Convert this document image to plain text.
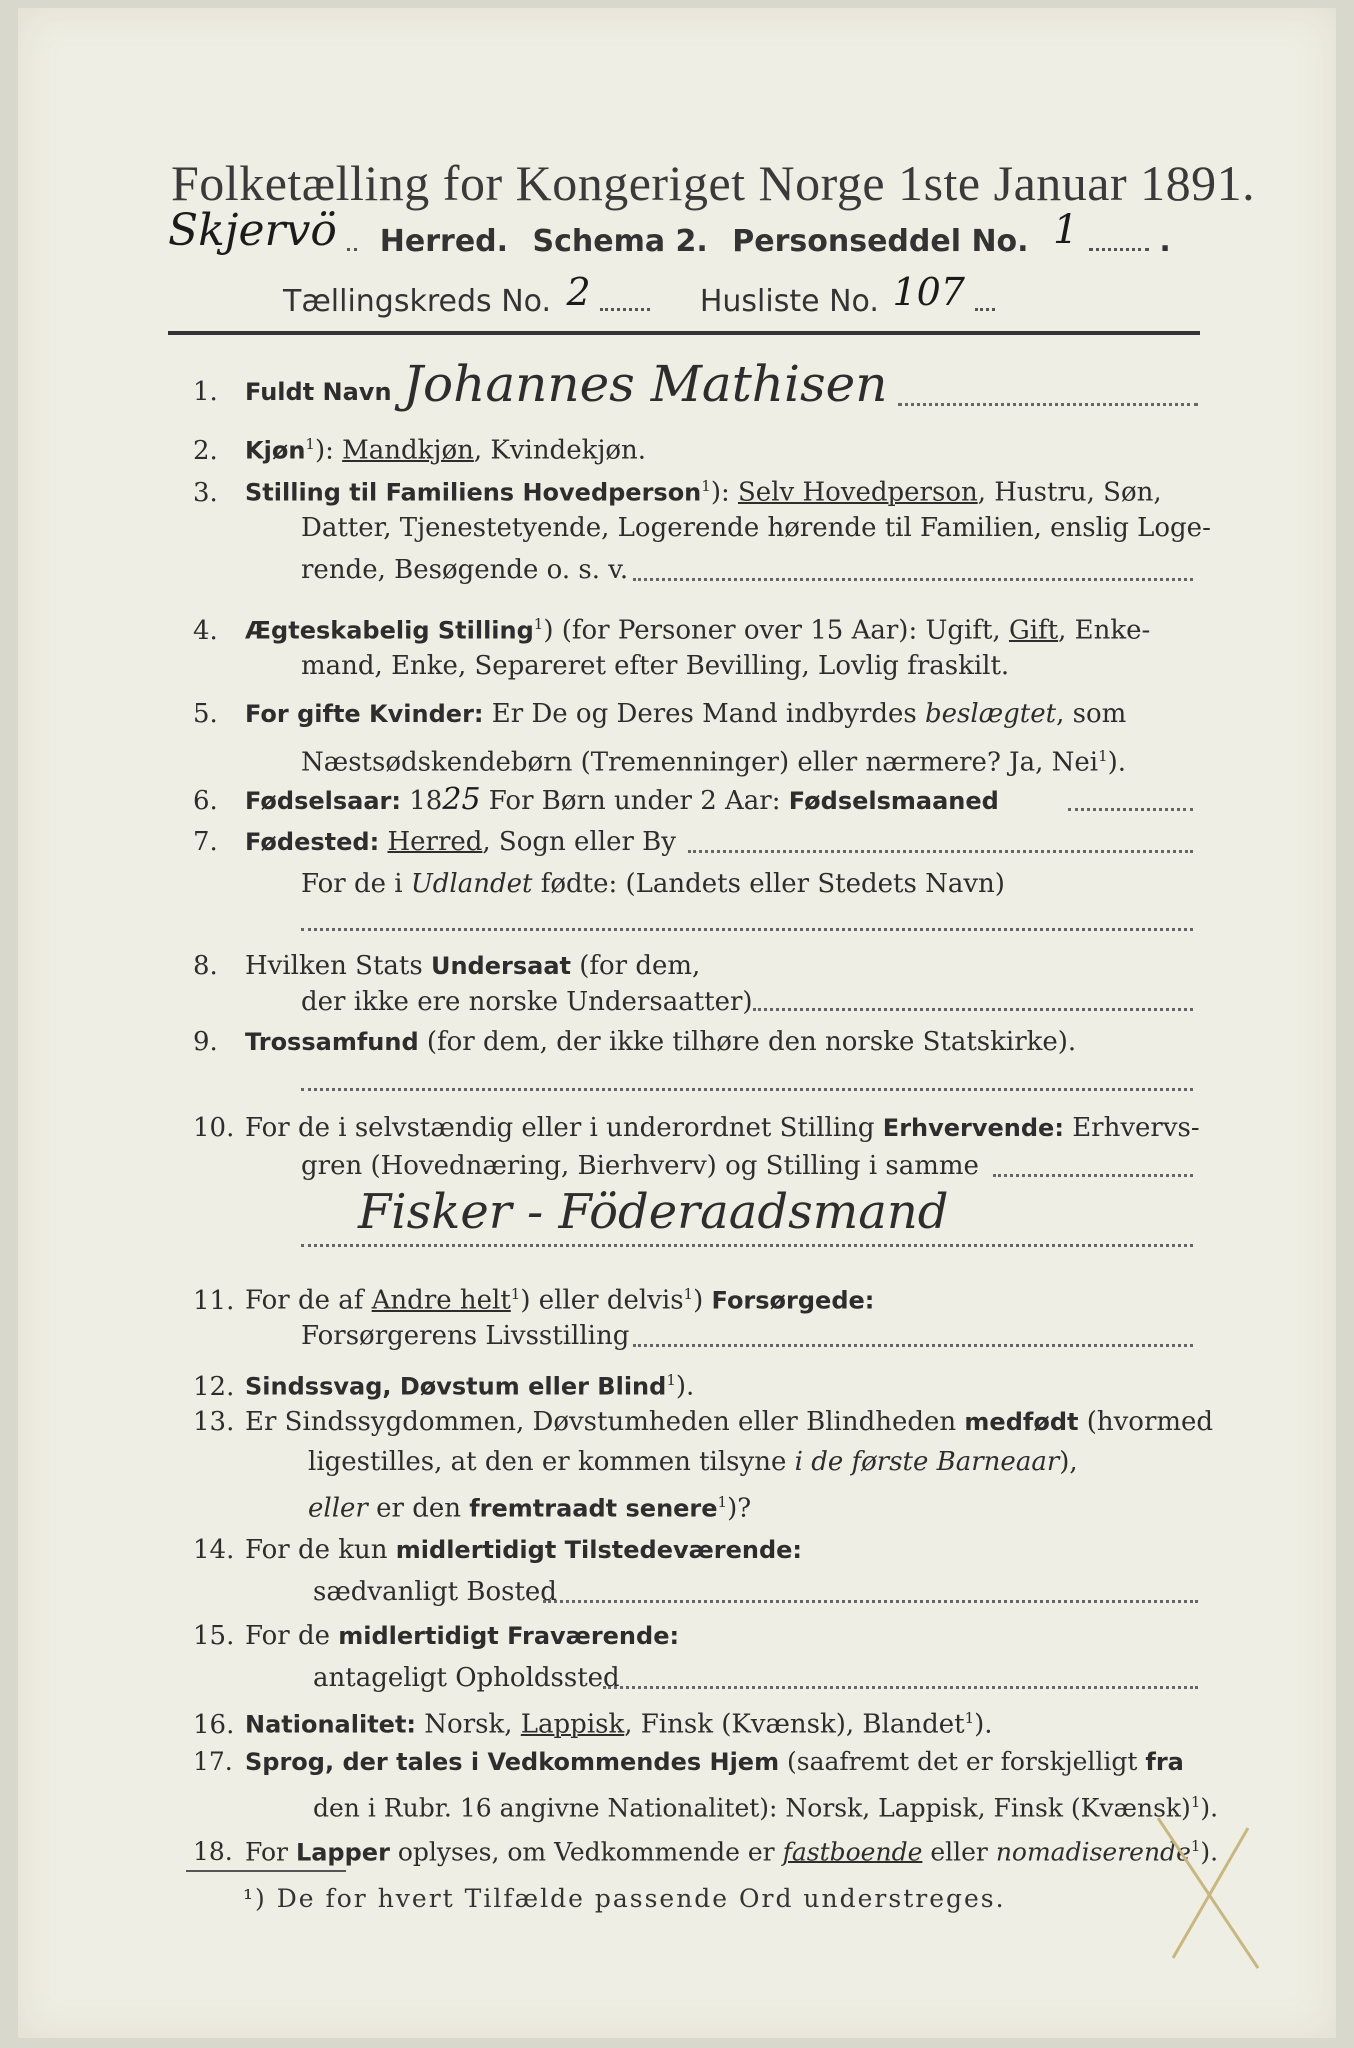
Folketælling for Kongeriget Norge 1ste Januar 1891.
Skjervö Herred. Schema 2. Personseddel No. 1	.
Tællingskreds No. 2	Husliste No. 107
1. Fuldt Navn Johannes Mathisen
2. Kjøn$^1$): Mandkjøn, Kvindekjøn.
3. Stilling til Familiens Hovedperson$^1$): Selv Hovedperson, Hustru, Søn,
Datter, Tjenestetyende, Logerende hørende til Familien, enslig Loge-
rende, Besøgende o. s. v.
4. Ægteskabelig Stilling$^1$) (for Personer over 15 Aar): Ugift, Gift, Enke-
mand, Enke, Separeret efter Bevilling, Lovlig fraskilt.
5. For gifte Kvinder: Er De og Deres Mand indbyrdes beslægtet, som
Næstsødskendebørn (Tremenninger) eller nærmere? Ja, Nei$^1$).
6. Fødselsaar: 1825 For Børn under 2 Aar: Fødselsmaaned
7. Fødested: Herred, Sogn eller By
For de i Udlandet fødte: (Landets eller Stedets Navn)
8. Hvilken Stats Undersaat (for dem,
der ikke ere norske Undersaatter)
9. Trossamfund (for dem, der ikke tilhøre den norske Statskirke).
10. For de i selvstændig eller i underordnet Stilling Erhvervende: Erhvervs-
gren (Hovednæring, Bierhverv) og Stilling i samme
Fisker - Föderaadsmand
11. For de af Andre helt$^1$) eller delvis$^1$) Forsørgede:
Forsørgerens Livsstilling
12. Sindssvag, Døvstum eller Blind$^1$).
13. Er Sindssygdommen, Døvstumheden eller Blindheden medfødt (hvormed
ligestilles, at den er kommen tilsyne i de første Barneaar),
eller er den fremtraadt senere$^1$)?
14. For de kun midlertidigt Tilstedeværende:
sædvanligt Bosted
15. For de midlertidigt Fraværende:
antageligt Opholdssted
16. Nationalitet: Norsk, Lappisk, Finsk (Kvænsk), Blandet$^1$).
17. Sprog, der tales i Vedkommendes Hjem (saafremt det er forskjelligt fra
den i Rubr. 16 angivne Nationalitet): Norsk, Lappisk, Finsk (Kvænsk)$^1$).
18. For Lapper oplyses, om Vedkommende er fastboende eller nomadiserende$^1$).
¹) De for hvert Tilfælde passende Ord understreges.
